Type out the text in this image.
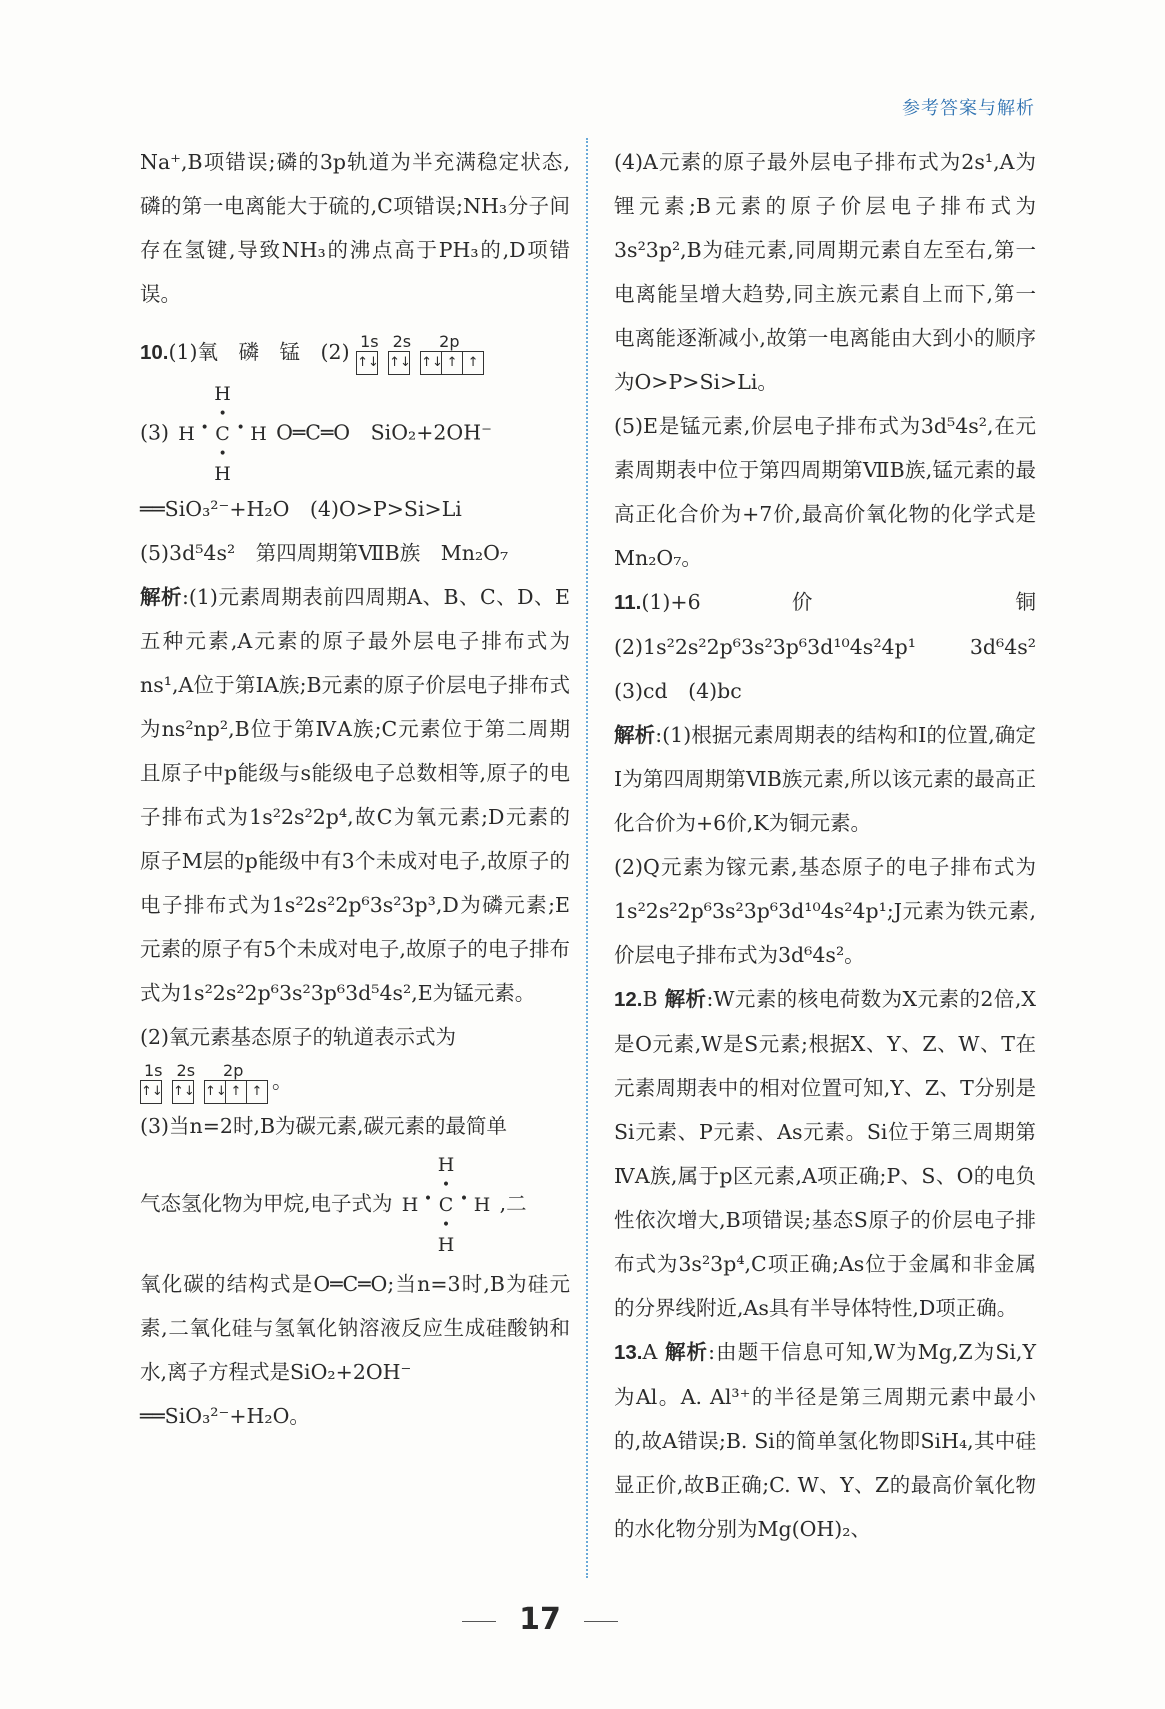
参考答案与解析

Na⁺,B项错误;磷的3p轨道为半充满稳定状态,磷的第一电离能大于硫的,C项错误;NH₃分子间存在氢键,导致NH₃的沸点高于PH₃的,D项错误。

10.(1)氧　磷　锰　(2) 1s 2s	2p
↑↓ ↑↓ ↑↓ ↑ ↑

(3)
H
•
H • C • H
•
H
O═C═O　SiO₂+2OH⁻

══SiO₃²⁻+H₂O　(4)O>P>Si>Li

(5)3d⁵4s²　第四周期第ⅦB族　Mn₂O₇

解析:(1)元素周期表前四周期A、B、C、D、E五种元素,A元素的原子最外层电子排布式为ns¹,A位于第ⅠA族;B元素的原子价层电子排布式为ns²np²,B位于第ⅣA族;C元素位于第二周期且原子中p能级与s能级电子总数相等,原子的电子排布式为1s²2s²2p⁴,故C为氧元素;D元素的原子M层的p能级中有3个未成对电子,故原子的电子排布式为1s²2s²2p⁶3s²3p³,D为磷元素;E元素的原子有5个未成对电子,故原子的电子排布式为1s²2s²2p⁶3s²3p⁶3d⁵4s²,E为锰元素。

(2)氧元素基态原子的轨道表示式为

1s 2s	2p
↑↓ ↑↓ ↑↓ ↑ ↑ 。

(3)当n=2时,B为碳元素,碳元素的最简单

气态氢化物为甲烷,电子式为
H
•
H • C • H
•
H
,二

氧化碳的结构式是O═C═O;当n=3时,B为硅元素,二氧化硅与氢氧化钠溶液反应生成硅酸钠和水,离子方程式是SiO₂+2OH⁻

══SiO₃²⁻+H₂O。

(4)A元素的原子最外层电子排布式为2s¹,A为锂元素;B元素的原子价层电子排布式为3s²3p²,B为硅元素,同周期元素自左至右,第一电离能呈增大趋势,同主族元素自上而下,第一电离能逐渐减小,故第一电离能由大到小的顺序为O>P>Si>Li。

(5)E是锰元素,价层电子排布式为3d⁵4s²,在元素周期表中位于第四周期第ⅦB族,锰元素的最高正化合价为+7价,最高价氧化物的化学式是Mn₂O₇。

11.(1)+6价　铜　(2)1s²2s²2p⁶3s²3p⁶3d¹⁰4s²4p¹　3d⁶4s²　(3)cd　(4)bc

解析:(1)根据元素周期表的结构和I的位置,确定I为第四周期第ⅥB族元素,所以该元素的最高正化合价为+6价,K为铜元素。

(2)Q元素为镓元素,基态原子的电子排布式为1s²2s²2p⁶3s²3p⁶3d¹⁰4s²4p¹;J元素为铁元素,价层电子排布式为3d⁶4s²。

12.B 解析:W元素的核电荷数为X元素的2倍,X是O元素,W是S元素;根据X、Y、Z、W、T在元素周期表中的相对位置可知,Y、Z、T分别是Si元素、P元素、As元素。Si位于第三周期第ⅣA族,属于p区元素,A项正确;P、S、O的电负性依次增大,B项错误;基态S原子的价层电子排布式为3s²3p⁴,C项正确;As位于金属和非金属的分界线附近,As具有半导体特性,D项正确。

13.A 解析:由题干信息可知,W为Mg,Z为Si,Y为Al。A. Al³⁺的半径是第三周期元素中最小的,故A错误;B. Si的简单氢化物即SiH₄,其中硅显正价,故B正确;C. W、Y、Z的最高价氧化物的水化物分别为Mg(OH)₂、

17
